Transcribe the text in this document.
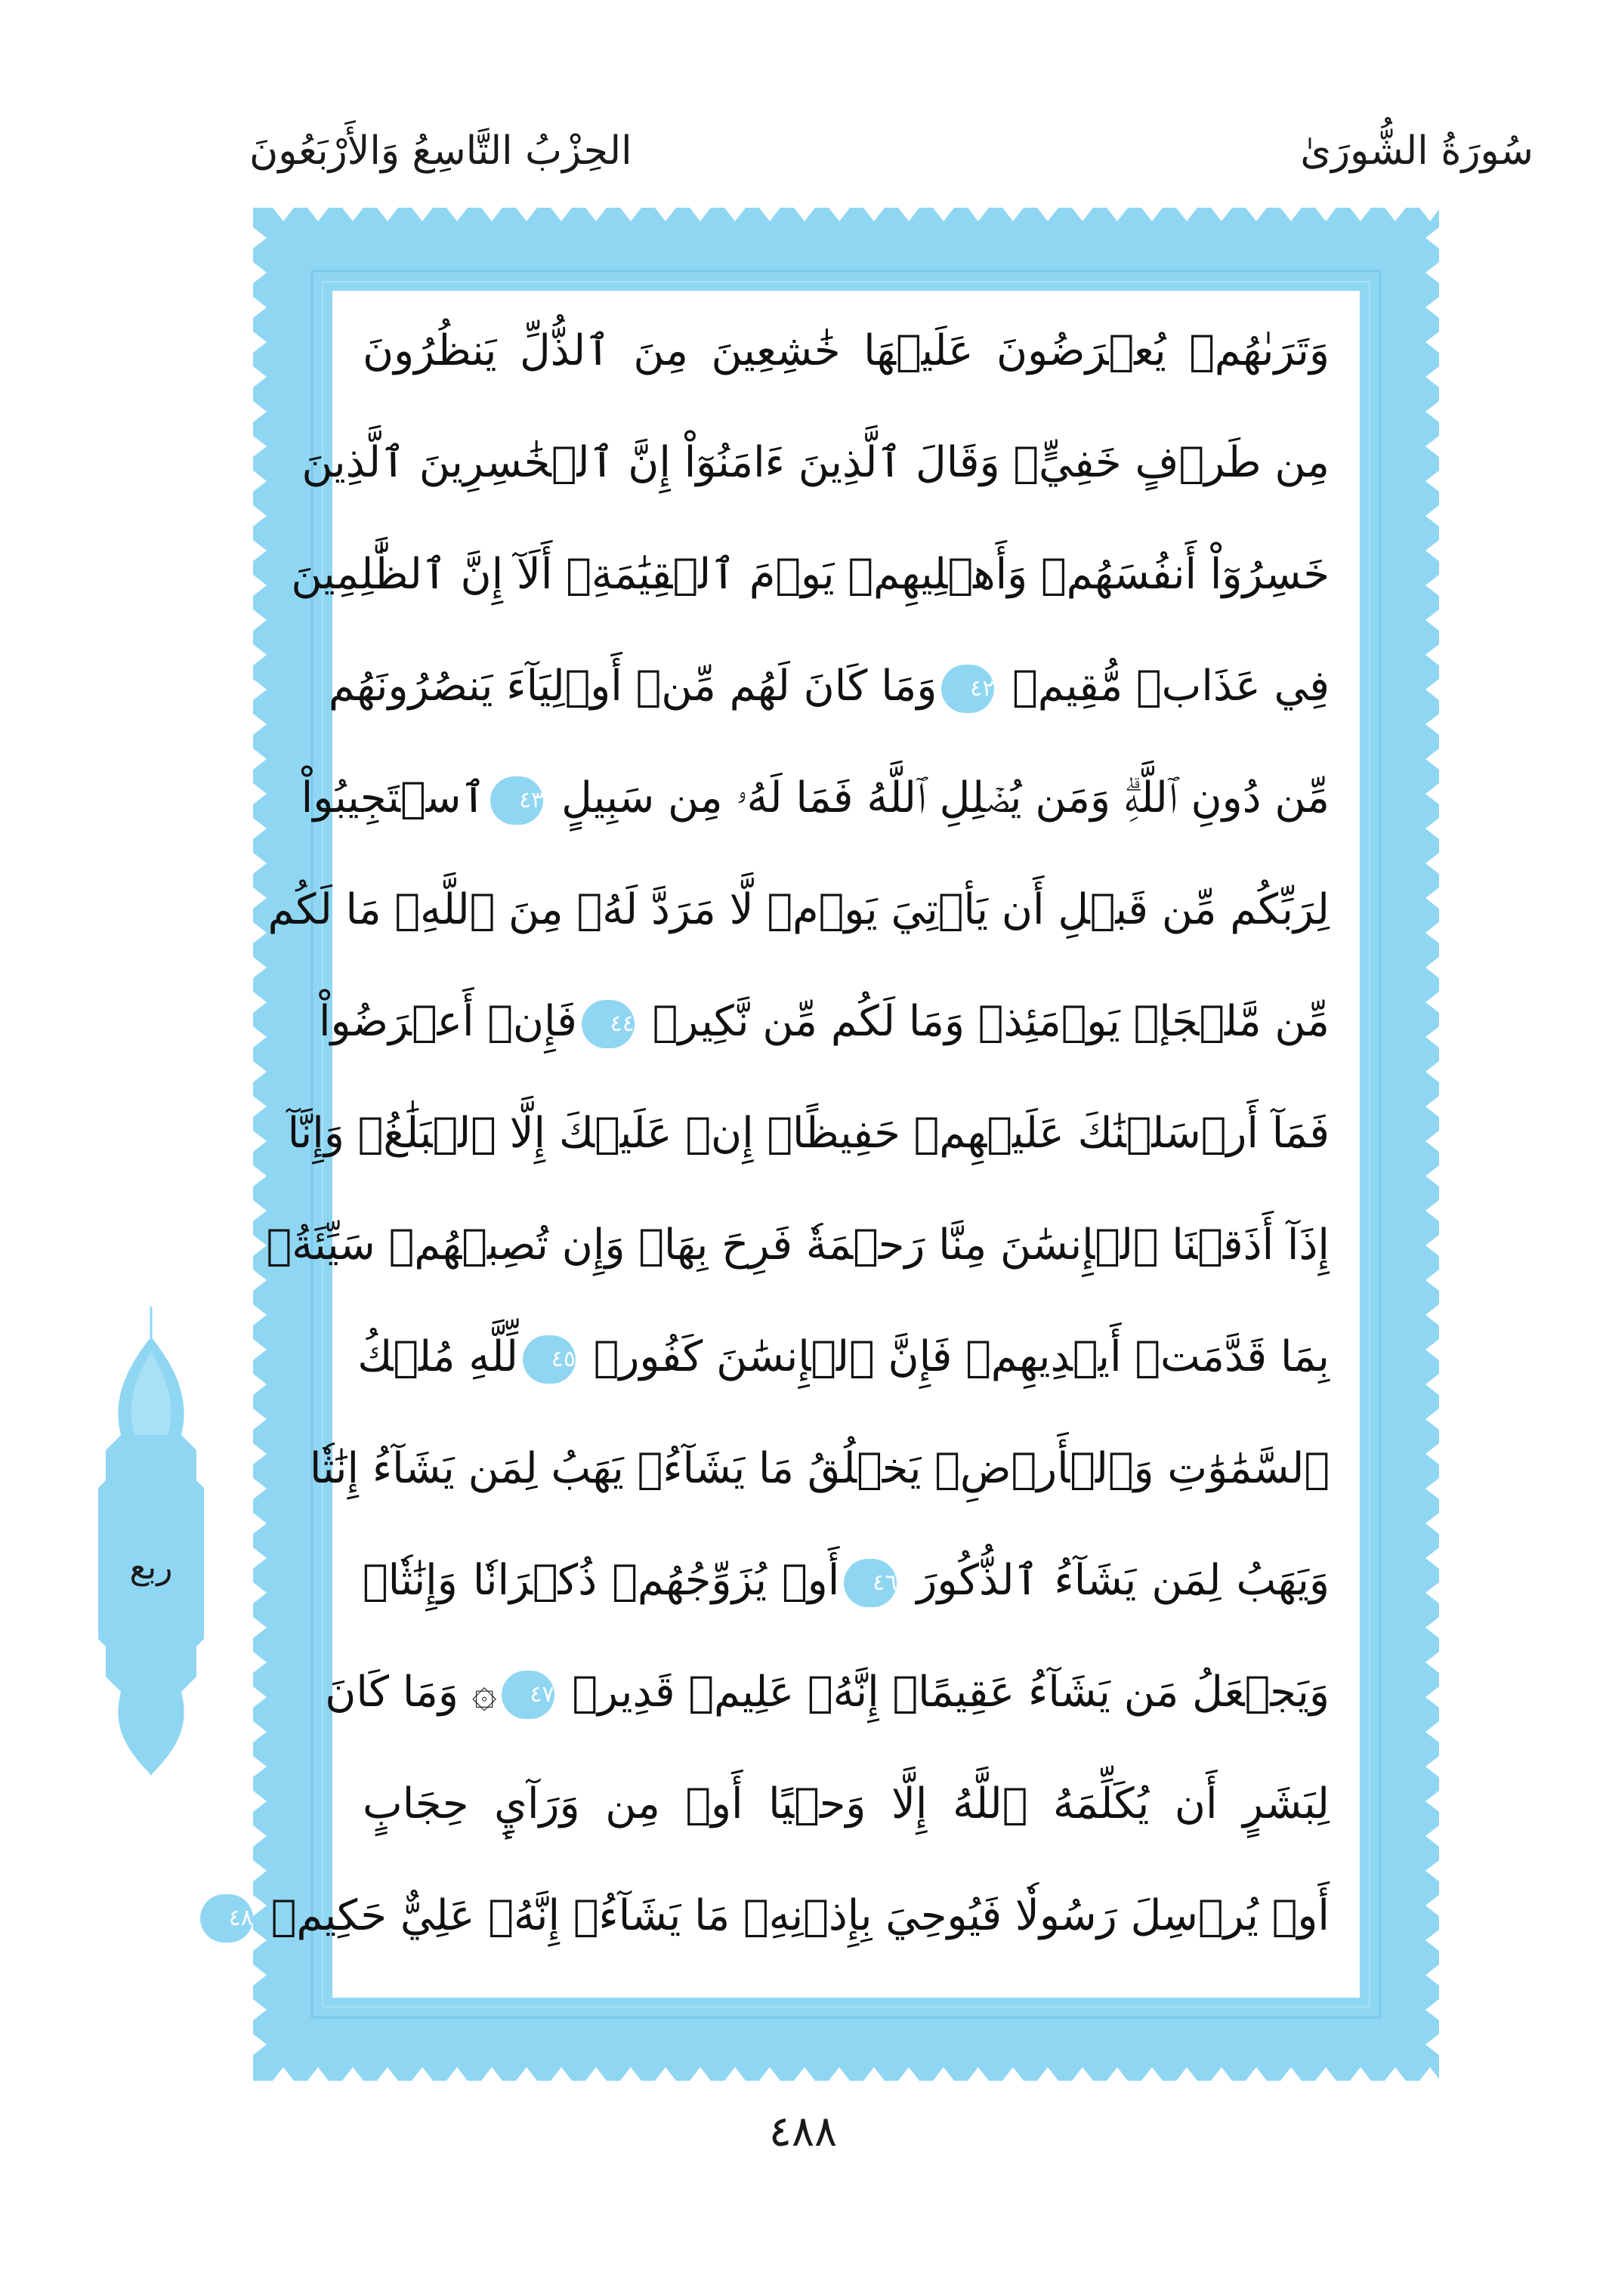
سُورَةُ الشُّورَىٰ
الحِزْبُ التَّاسِعُ وَالأَرْبَعُونَ
وَتَرَىٰهُمۡ يُعۡرَضُونَ عَلَيۡهَا خَٰشِعِينَ مِنَ ٱلذُّلِّ يَنظُرُونَ
مِن طَرۡفٍ خَفِيٍّۗ وَقَالَ ٱلَّذِينَ ءَامَنُوٓاْ إِنَّ ٱلۡخَٰسِرِينَ ٱلَّذِينَ
خَسِرُوٓاْ أَنفُسَهُمۡ وَأَهۡلِيهِمۡ يَوۡمَ ٱلۡقِيَٰمَةِۗ أَلَآ إِنَّ ٱلظَّٰلِمِينَ
فِي عَذَابٖ مُّقِيمٖ ٤٢وَمَا كَانَ لَهُم مِّنۡ أَوۡلِيَآءَ يَنصُرُونَهُم
مِّن دُونِ ٱللَّهِۗ وَمَن يُضۡلِلِ ٱللَّهُ فَمَا لَهُۥ مِن سَبِيلٍ ٤٣ٱسۡتَجِيبُواْ
لِرَبِّكُم مِّن قَبۡلِ أَن يَأۡتِيَ يَوۡمٞ لَّا مَرَدَّ لَهُۥ مِنَ ٱللَّهِۚ مَا لَكُم
مِّن مَّلۡجَإٖ يَوۡمَئِذٖ وَمَا لَكُم مِّن نَّكِيرٖ ٤٤فَإِنۡ أَعۡرَضُواْ
فَمَآ أَرۡسَلۡنَٰكَ عَلَيۡهِمۡ حَفِيظًاۖ إِنۡ عَلَيۡكَ إِلَّا ٱلۡبَلَٰغُۗ وَإِنَّآ
إِذَآ أَذَقۡنَا ٱلۡإِنسَٰنَ مِنَّا رَحۡمَةٗ فَرِحَ بِهَاۖ وَإِن تُصِبۡهُمۡ سَيِّئَةُۢ
بِمَا قَدَّمَتۡ أَيۡدِيهِمۡ فَإِنَّ ٱلۡإِنسَٰنَ كَفُورٞ ٤٥لِّلَّهِ مُلۡكُ
ٱلسَّمَٰوَٰتِ وَٱلۡأَرۡضِۚ يَخۡلُقُ مَا يَشَآءُۚ يَهَبُ لِمَن يَشَآءُ إِنَٰثٗا
وَيَهَبُ لِمَن يَشَآءُ ٱلذُّكُورَ ٤٦أَوۡ يُزَوِّجُهُمۡ ذُكۡرَانٗا وَإِنَٰثٗاۖ
وَيَجۡعَلُ مَن يَشَآءُ عَقِيمًاۚ إِنَّهُۥ عَلِيمٞ قَدِيرٞ ٤٧۞ وَمَا كَانَ
لِبَشَرٍ أَن يُكَلِّمَهُ ٱللَّهُ إِلَّا وَحۡيًا أَوۡ مِن وَرَآيِٕ حِجَابٍ
أَوۡ يُرۡسِلَ رَسُولٗا فَيُوحِيَ بِإِذۡنِهِۦ مَا يَشَآءُۚ إِنَّهُۥ عَلِيٌّ حَكِيمٞ ٤٨
ربع
٤٨٨
